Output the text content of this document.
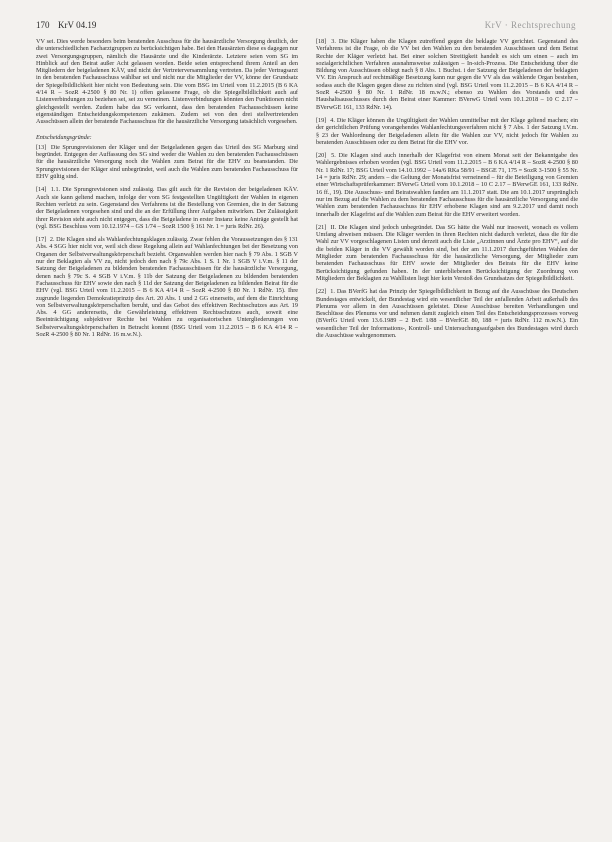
170 KrV 04.19	KrV · Rechtsprechung

VV sei. Dies werde besonders beim beratenden Ausschuss für die hausärztliche Versorgung deutlich, der die unterschiedlichen Facharztgruppen zu berücksichtigen habe. Bei den Hausärzten diese es dagegen nur zwei Versorgungsgruppen, nämlich die Hausärzte und die Kinderärzte. Letztere seien vom SG im Hinblick auf den Beirat außer Acht gelassen worden. Beide seien entsprechend ihrem Anteil an den Mitgliedern der beigeladenen KÄV, und nicht der Vertreterversammlung vertreten. Da jeder Vertragsarzt in den beratenden Fachausschuss wählbar sei und nicht nur die Mitglieder der VV, könne der Grundsatz der Spiegelbildlichkeit hier nicht von Bedeutung sein. Die vom BSG im Urteil vom 11.2.2015 (B 6 KA 4/14 R – SozR 4-2500 § 80 Nr. 1) offen gelassene Frage, ob die Spiegelbildlichkeit auch auf Listenverbindungen zu beziehen sei, sei zu verneinen. Listenverbindungen könnten den Funktionen nicht gleichgestellt werden. Zudem habe das SG verkannt, dass den beratenden Fachausschüssen keine eigenständigen Entscheidungskompetenzen zukämen. Zudem sei von den drei stellvertretenden Ausschüssen allein der beratende Fachausschuss für die hausärztliche Versorgung tatsächlich vorgesehen.

Entscheidungsgründe:

[13] Die Sprungrevisionen der Kläger und der Beigeladenen gegen das Urteil des SG Marburg sind begründet. Entgegen der Auffassung des SG sind weder die Wahlen zu den beratenden Fachausschüssen für die hausärztliche Versorgung noch die Wahlen zum Beirat für die EHV zu beanstanden. Die Sprungrevisionen der Kläger sind unbegründet, weil auch die Wahlen zum beratenden Fachausschuss für EHV gültig sind.

[14] 1.1. Die Sprungrevisionen sind zulässig. Das gilt auch für die Revision der beigeladenen KÄV. Auch sie kann geltend machen, infolge der vom SG festgestellten Ungültigkeit der Wahlen in eigenen Rechten verletzt zu sein. Gegenstand des Verfahrens ist die Bestellung von Gremien, die in der Satzung der Beigeladenen vorgesehen sind und die an der Erfüllung ihrer Aufgaben mitwirken. Der Zulässigkeit ihrer Revision steht auch nicht entgegen, dass die Beigeladene in erster Instanz keine Anträge gestellt hat (vgl. BSG Beschluss vom 10.12.1974 – GS 1/74 – SozR 1500 § 161 Nr. 1 = juris RdNr. 26).

[17] 2. Die Klagen sind als Wahlanfechtungsklagen zulässig. Zwar fehlen die Voraussetzungen des § 131 Abs. 4 SGG hier nicht vor, weil sich diese Regelung allein auf Wahlanfechtungen bei der Besetzung von Organen der Selbstverwaltungskörperschaft bezieht. Organwahlen werden hier nach § 79 Abs. 1 SGB V nur der Beklagten als VV zu, nicht jedoch den nach § 79c Abs. 1 S. 1 Nr. 1 SGB V i.V.m. § 11 der Satzung der Beigeladenen zu bildenden beratenden Fachausschüssen für die hausärztliche Versorgung, denen nach § 79c S. 4 SGB V i.V.m. § 11b der Satzung der Beigeladenen zu bildenden beratenden Fachausschuss für EHV sowie den nach § 11d der Satzung der Beigeladenen zu bildenden Beirat für die EHV (vgl. BSG Urteil vom 11.2.2015 – B 6 KA 4/14 R – SozR 4-2500 § 80 Nr. 1 RdNr. 15). Ihre zugrunde liegenden Demokratieprinzip des Art. 20 Abs. 1 und 2 GG einerseits, auf dem die Einrichtung von Selbstverwaltungskörperschaften beruht, und das Gebot des effektiven Rechtsschutzes aus Art. 19 Abs. 4 GG andererseits, die Gewährleistung effektiven Rechtsschutzes auch, soweit eine Beeinträchtigung subjektiver Rechte bei Wahlen zu organisatorischen Untergliederungen von Selbstverwaltungskörperschaften in Betracht kommt (BSG Urteil vom 11.2.2015 – B 6 KA 4/14 R – SozR 4-2500 § 80 Nr. 1 RdNr. 16 m.w.N.).

[18] 3. Die Kläger haben die Klagen zutreffend gegen die beklagte VV gerichtet. Gegenstand des Verfahrens ist die Frage, ob die VV bei den Wahlen zu den beratenden Ausschüssen und dem Beirat Rechte der Kläger verletzt hat. Bei einer solchen Streitigkeit handelt es sich um einen – auch im sozialgerichtlichen Verfahren ausnahmsweise zulässigen – In-sich-Prozess. Die Entscheidung über die Bildung von Ausschüssen obliegt nach § 8 Abs. 1 Buchst. i der Satzung der Beigeladenen der beklagten VV. Ein Anspruch auf rechtmäßige Besetzung kann nur gegen die VV als das wählende Organ bestehen, sodass auch die Klagen gegen diese zu richten sind (vgl. BSG Urteil vom 11.2.2015 – B 6 KA 4/14 R – SozR 4-2500 § 80 Nr. 1 RdNr. 18 m.w.N.; ebenso zu Wahlen des Vorstands und des Haushaltsausschusses durch den Beirat einer Kammer: BVerwG Urteil vom 10.1.2018 – 10 C 2.17 – BVerwGE 161, 133 RdNr. 14).

[19] 4. Die Kläger können die Ungültigkeit der Wahlen unmittelbar mit der Klage geltend machen; ein der gerichtlichen Prüfung vorangehendes Wahlanfechtungsverfahren nicht § 7 Abs. 1 der Satzung i.V.m. § 23 der Wahlordnung der Beigeladenen allein für die Wahlen zur VV, nicht jedoch für Wahlen zu beratenden Ausschüssen oder zu dem Beirat für die EHV vor.

[20] 5. Die Klagen sind auch innerhalb der Klagefrist von einem Monat seit der Bekanntgabe des Wahlergebnisses erhoben worden (vgl. BSG Urteil vom 11.2.2015 – B 6 KA 4/14 R – SozR 4-2500 § 80 Nr. 1 RdNr. 17; BSG Urteil vom 14.10.1992 – 14a/6 RKa 58/91 – BSGE 71, 175 = SozR 3-1500 § 55 Nr. 14 = juris RdNr. 29; anders – die Geltung der Monatsfrist verneinend – für die Beteiligung von Gremien einer Wirtschaftsprüferkammer: BVerwG Urteil vom 10.1.2018 – 10 C 2.17 – BVerwGE 161, 133 RdNr. 16 ff., 19). Die Ausschuss- und Beiratswahlen fanden am 11.1.2017 statt. Die am 10.1.2017 ursprünglich nur im Bezug auf die Wahlen zu dem beratenden Fachausschuss für die hausärztliche Versorgung und die Wahlen zum beratenden Fachausschuss für EHV erhobene Klagen sind am 9.2.2017 und damit noch innerhalb der Klagefrist auf die Wahlen zum Beirat für die EHV erweitert worden.

[21] II. Die Klagen sind jedoch unbegründet. Das SG hätte die Wahl nur insoweit, wonach es vollem Umfang abweisen müssen. Die Kläger werden in ihren Rechten nicht dadurch verletzt, dass die für die Wahl zur VV vorgeschlagenen Listen und derzeit auch die Liste „Arztinnen und Ärzte pro EHV“, auf die die beiden Kläger in die VV gewählt worden sind, bei der am 11.1.2017 durchgeführten Wahlen der Mitglieder zum beratenden Fachausschuss für die hausärztliche Versorgung, der Mitglieder zum beratenden Fachausschuss für EHV sowie der Mitglieder des Beirats für die EHV keine Berücksichtigung gefunden haben. In der unterbliebenen Berücksichtigung der Zuordnung von Mitgliedern der Beklagten zu Wahllisten liegt hier kein Verstoß des Grundsatzes der Spiegelbildlichkeit.

[22] 1. Das BVerfG hat das Prinzip der Spiegelbildlichkeit in Bezug auf die Ausschüsse des Deutschen Bundestages entwickelt, der Bundestag wird ein wesentlicher Teil der anfallenden Arbeit außerhalb des Plenums vor allem in den Ausschüssen geleistet. Diese Ausschüsse bereiten Verhandlungen und Beschlüsse des Plenums vor und nehmen damit zugleich einen Teil des Entscheidungsprozesses vorweg (BVerfG Urteil vom 13.6.1989 – 2 BvE 1/88 – BVerfGE 80, 188 = juris RdNr. 112 m.w.N.). Ein wesentlicher Teil der Informations-, Kontroll- und Untersuchungsaufgaben des Bundestages wird durch die Ausschüsse wahrgenommen.
